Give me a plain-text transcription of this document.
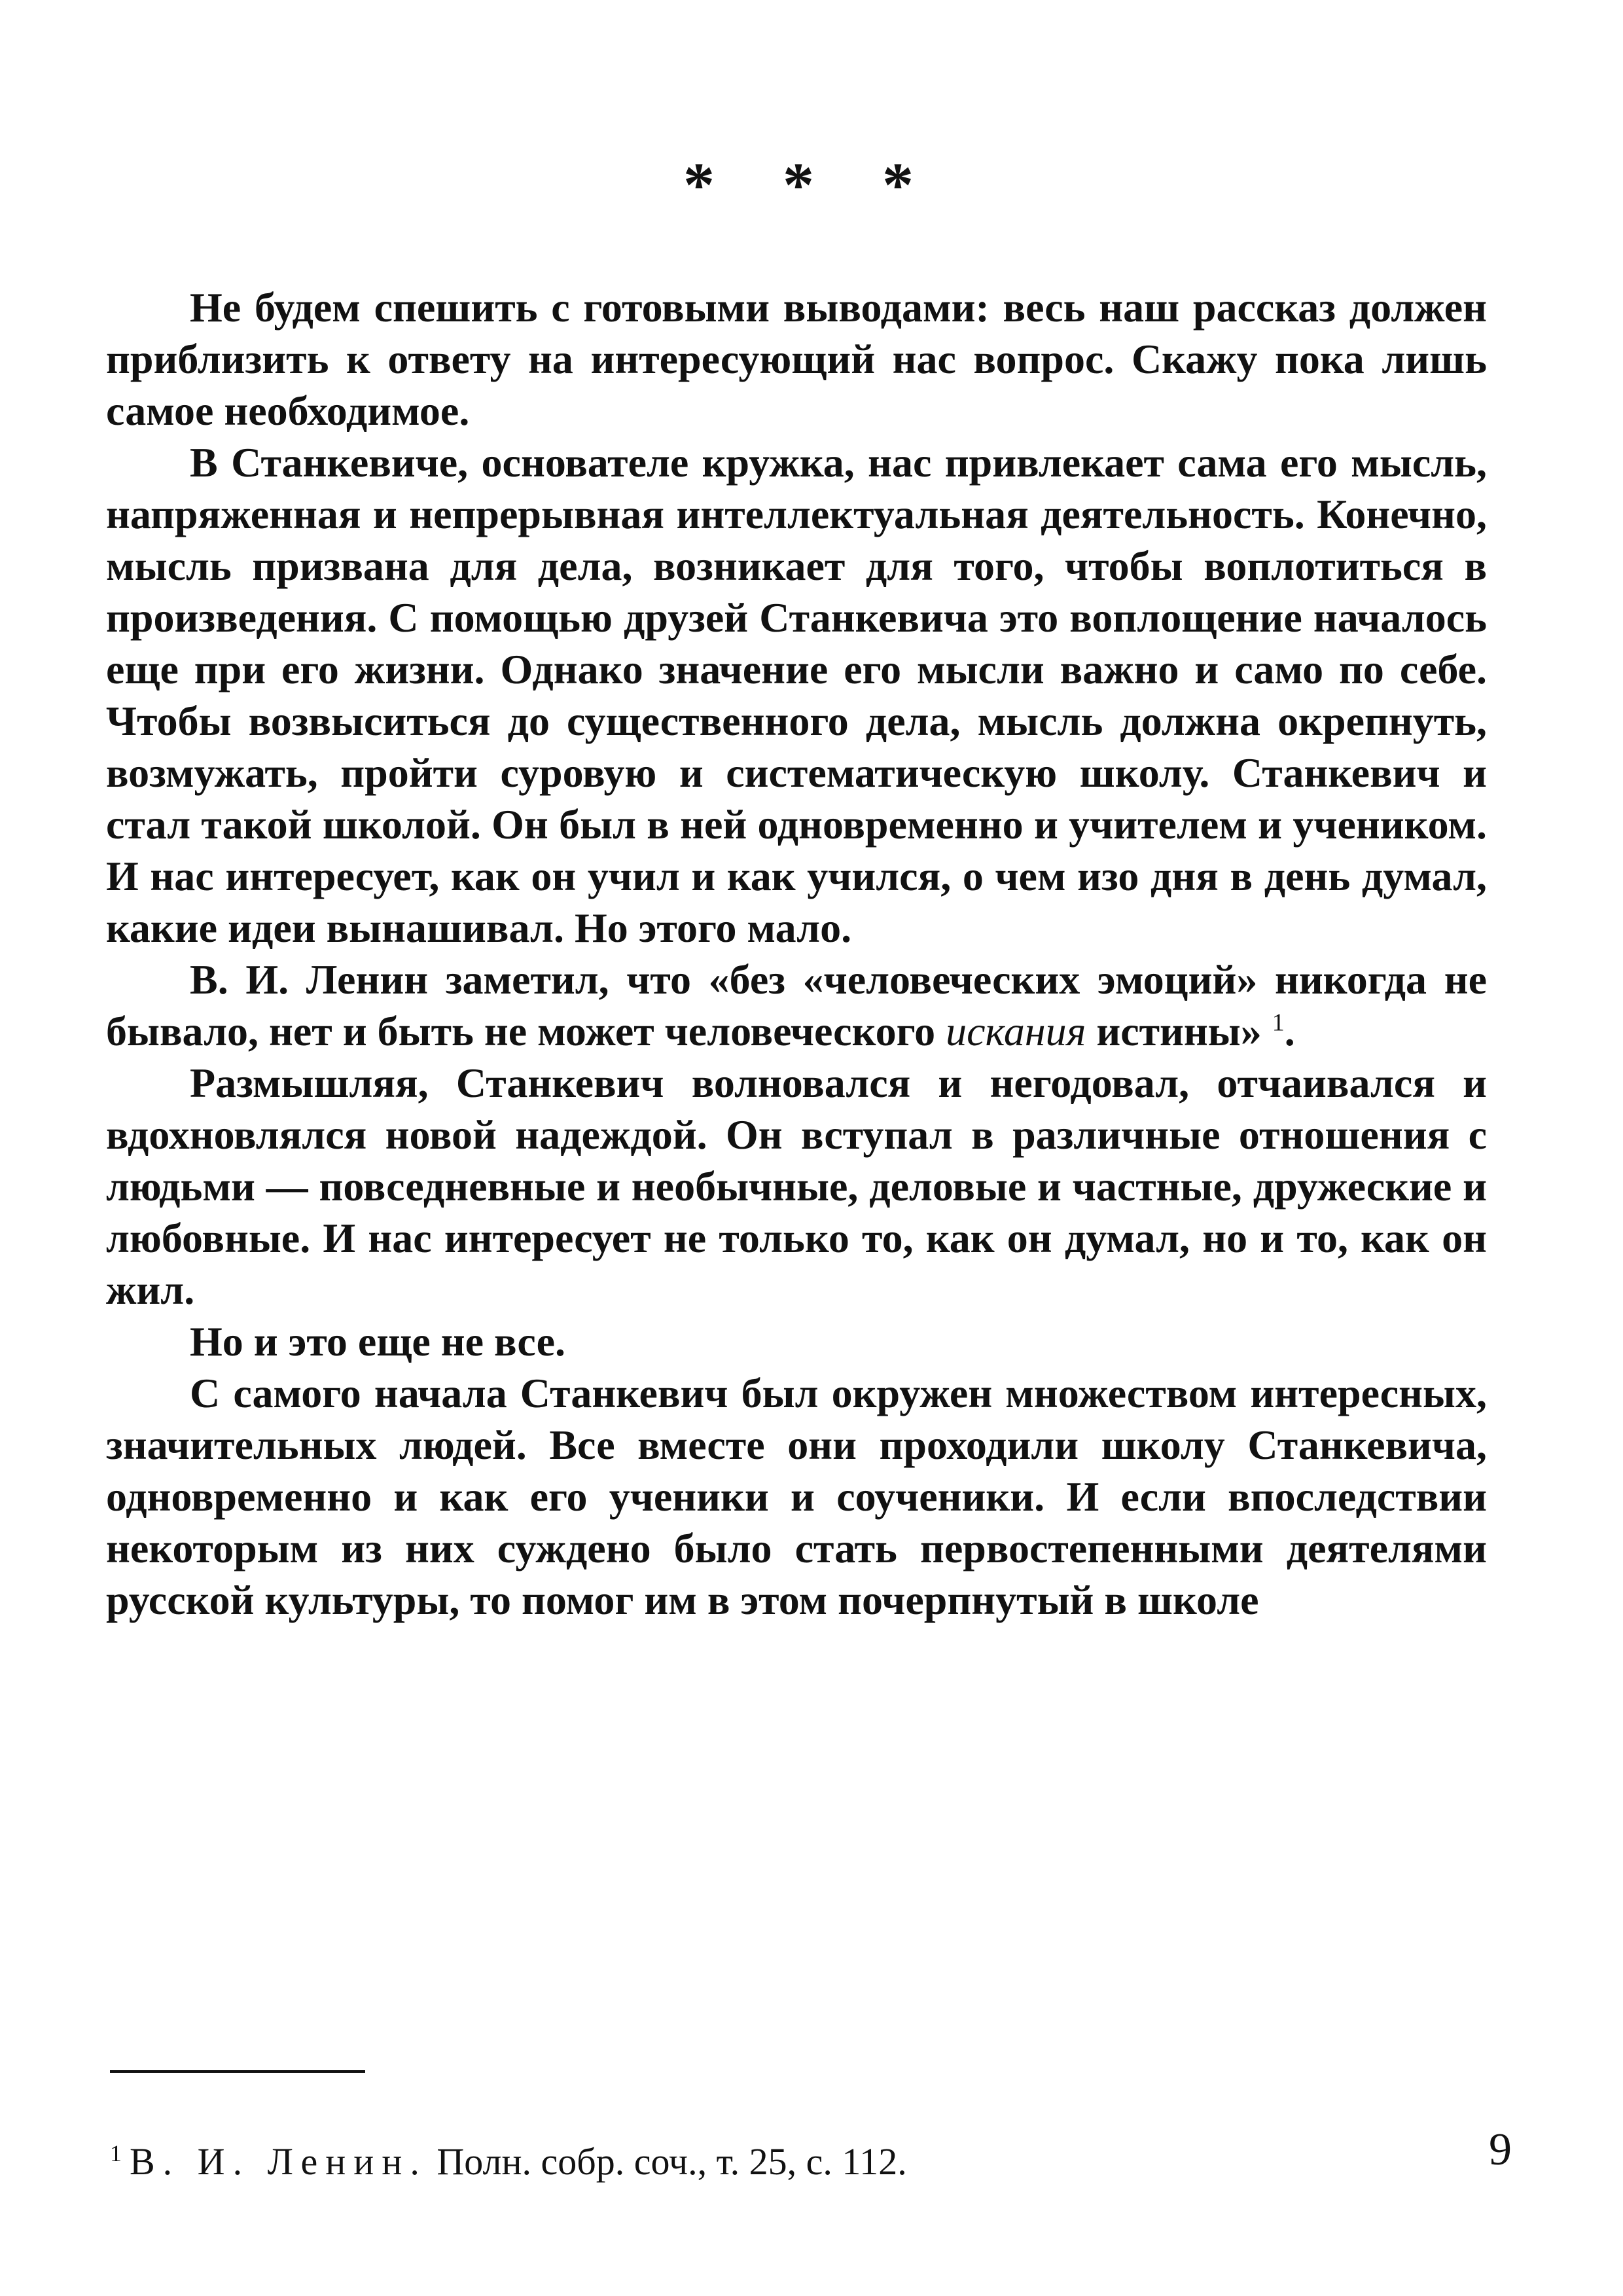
* * *

Не будем спешить с готовыми выводами: весь наш рассказ должен приблизить к ответу на интересующий нас вопрос. Скажу пока лишь самое необходимое.

В Станкевиче, основателе кружка, нас привлекает сама его мысль, напряженная и непрерывная интеллектуальная деятельность. Конечно, мысль призвана для дела, возникает для того, чтобы воплотиться в произведения. С помощью друзей Станкевича это воплощение началось еще при его жизни. Однако значение его мысли важно и само по себе. Чтобы возвыситься до существенного дела, мысль должна окрепнуть, возмужать, пройти суровую и систематическую школу. Станкевич и стал такой школой. Он был в ней одновременно и учителем и учеником. И нас интересует, как он учил и как учился, о чем изо дня в день думал, какие идеи вынашивал. Но этого мало.

В. И. Ленин заметил, что «без «человеческих эмоций» никогда не бывало, нет и быть не может человеческого искания истины» $^1$.

Размышляя, Станкевич волновался и негодовал, отчаивался и вдохновлялся новой надеждой. Он вступал в различные отношения с людьми — повседневные и необычные, деловые и частные, дружеские и любовные. И нас интересует не только то, как он думал, но и то, как он жил.

Но и это еще не все.

С самого начала Станкевич был окружен множеством интересных, значительных людей. Все вместе они проходили школу Станкевича, одновременно и как его ученики и соученики. И если впоследствии некоторым из них суждено было стать первостепенными деятелями русской культуры, то помог им в этом почерпнутый в школе

$^1$ В. И. Ленин. Полн. собр. соч., т. 25, с. 112.	9
